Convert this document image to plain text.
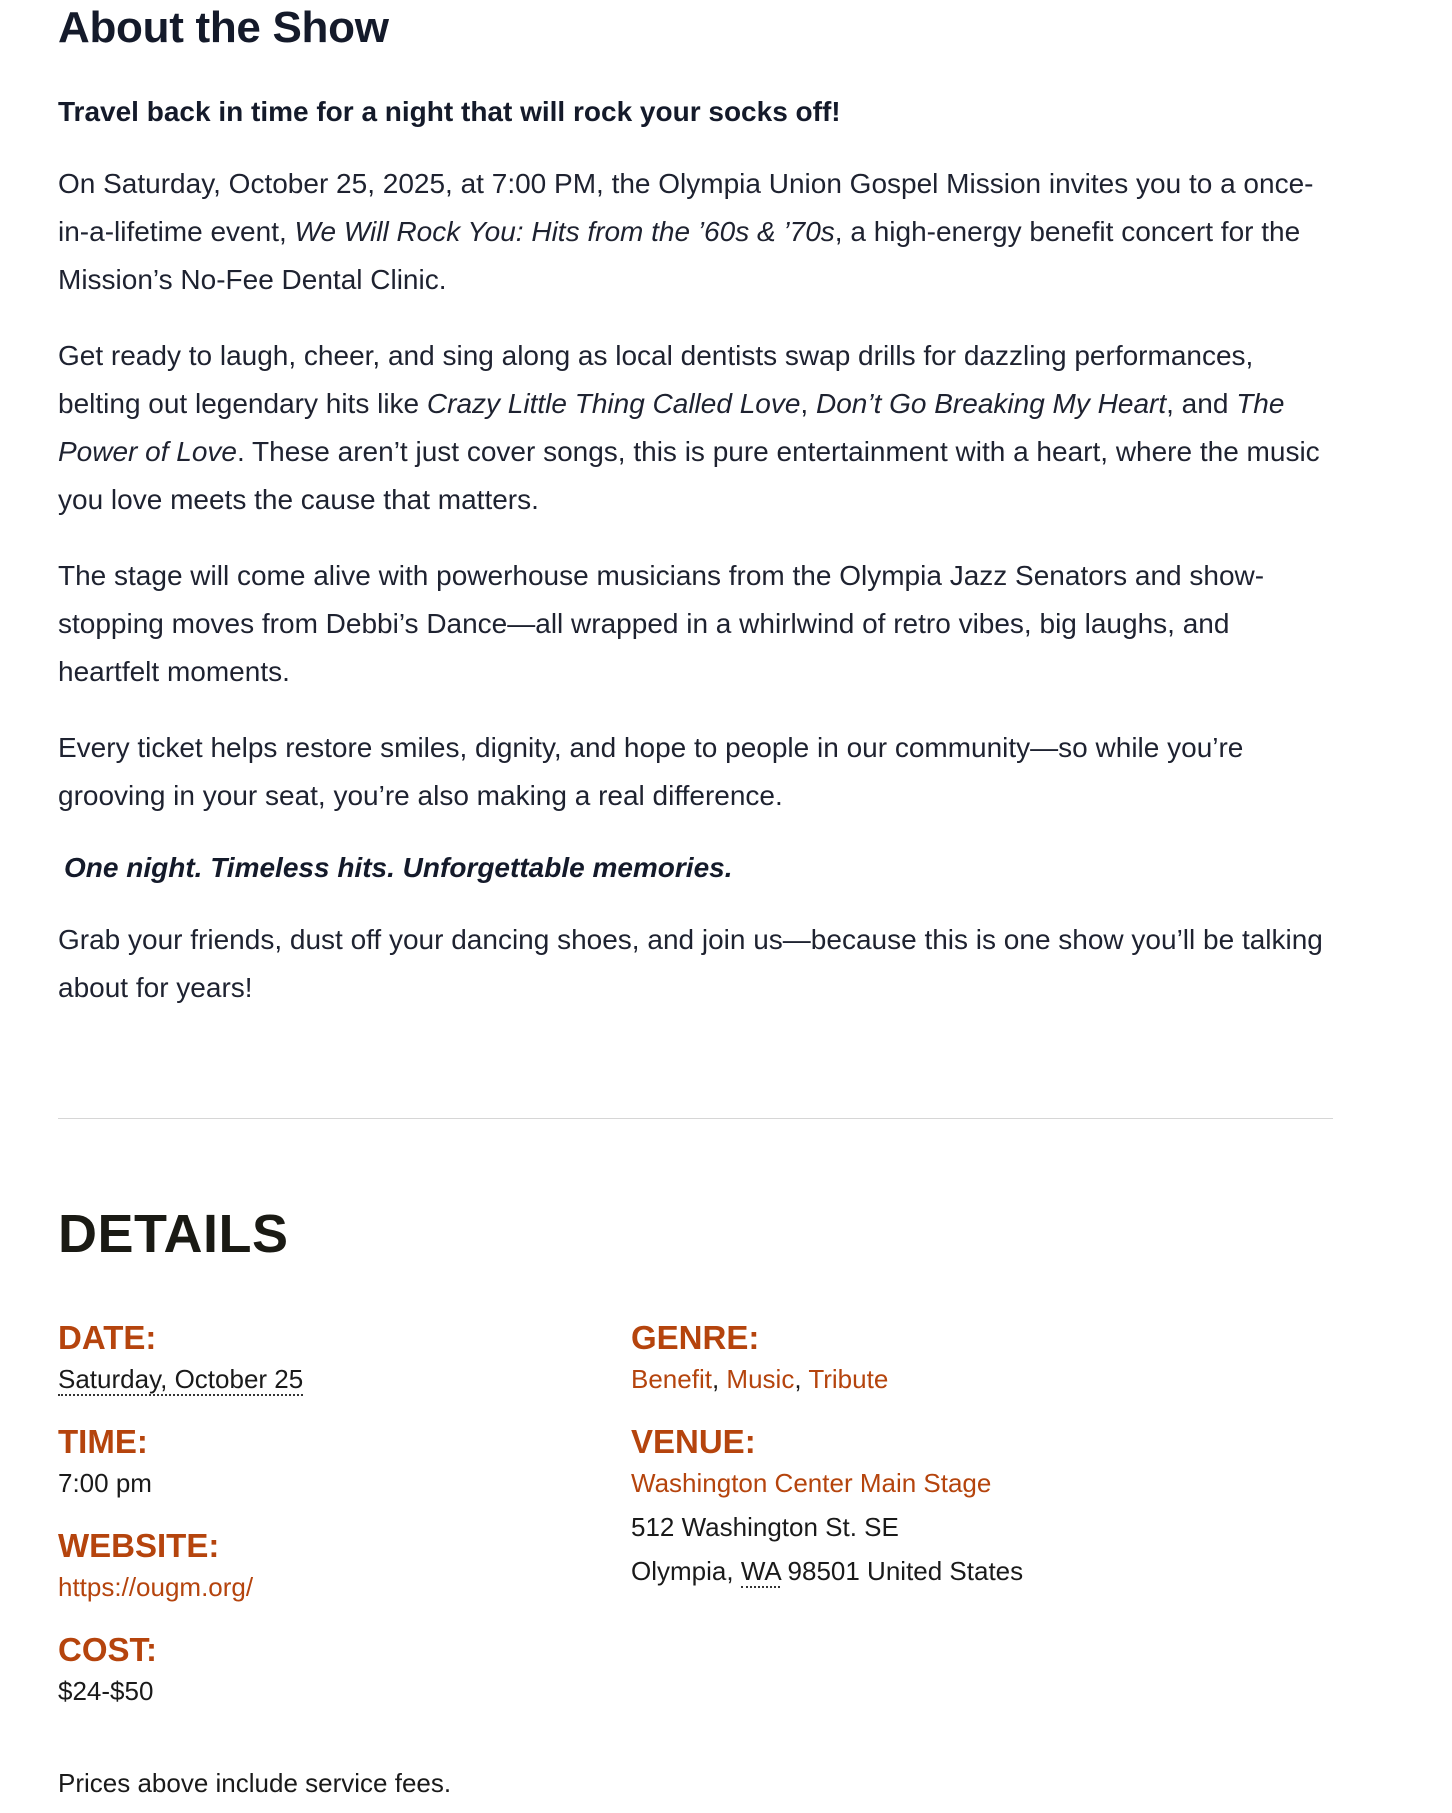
About the Show

Travel back in time for a night that will rock your socks off!

On Saturday, October 25, 2025, at 7:00 PM, the Olympia Union Gospel Mission invites you to a once-in-a-lifetime event, We Will Rock You: Hits from the ’60s & ’70s, a high-energy benefit concert for the Mission’s No-Fee Dental Clinic.

Get ready to laugh, cheer, and sing along as local dentists swap drills for dazzling performances, belting out legendary hits like Crazy Little Thing Called Love, Don’t Go Breaking My Heart, and The Power of Love. These aren’t just cover songs, this is pure entertainment with a heart, where the music you love meets the cause that matters.

The stage will come alive with powerhouse musicians from the Olympia Jazz Senators and show-stopping moves from Debbi’s Dance—all wrapped in a whirlwind of retro vibes, big laughs, and heartfelt moments.

Every ticket helps restore smiles, dignity, and hope to people in our community—so while you’re grooving in your seat, you’re also making a real difference.

One night. Timeless hits. Unforgettable memories.

Grab your friends, dust off your dancing shoes, and join us—because this is one show you’ll be talking about for years!

DETAILS

DATE:

Saturday, October 25

TIME:

7:00 pm

WEBSITE:

https://ougm.org/

COST:

$24-$50

GENRE:

Benefit, Music, Tribute

VENUE:

Washington Center Main Stage

512 Washington St. SE

Olympia, WA 98501 United States

Prices above include service fees.
